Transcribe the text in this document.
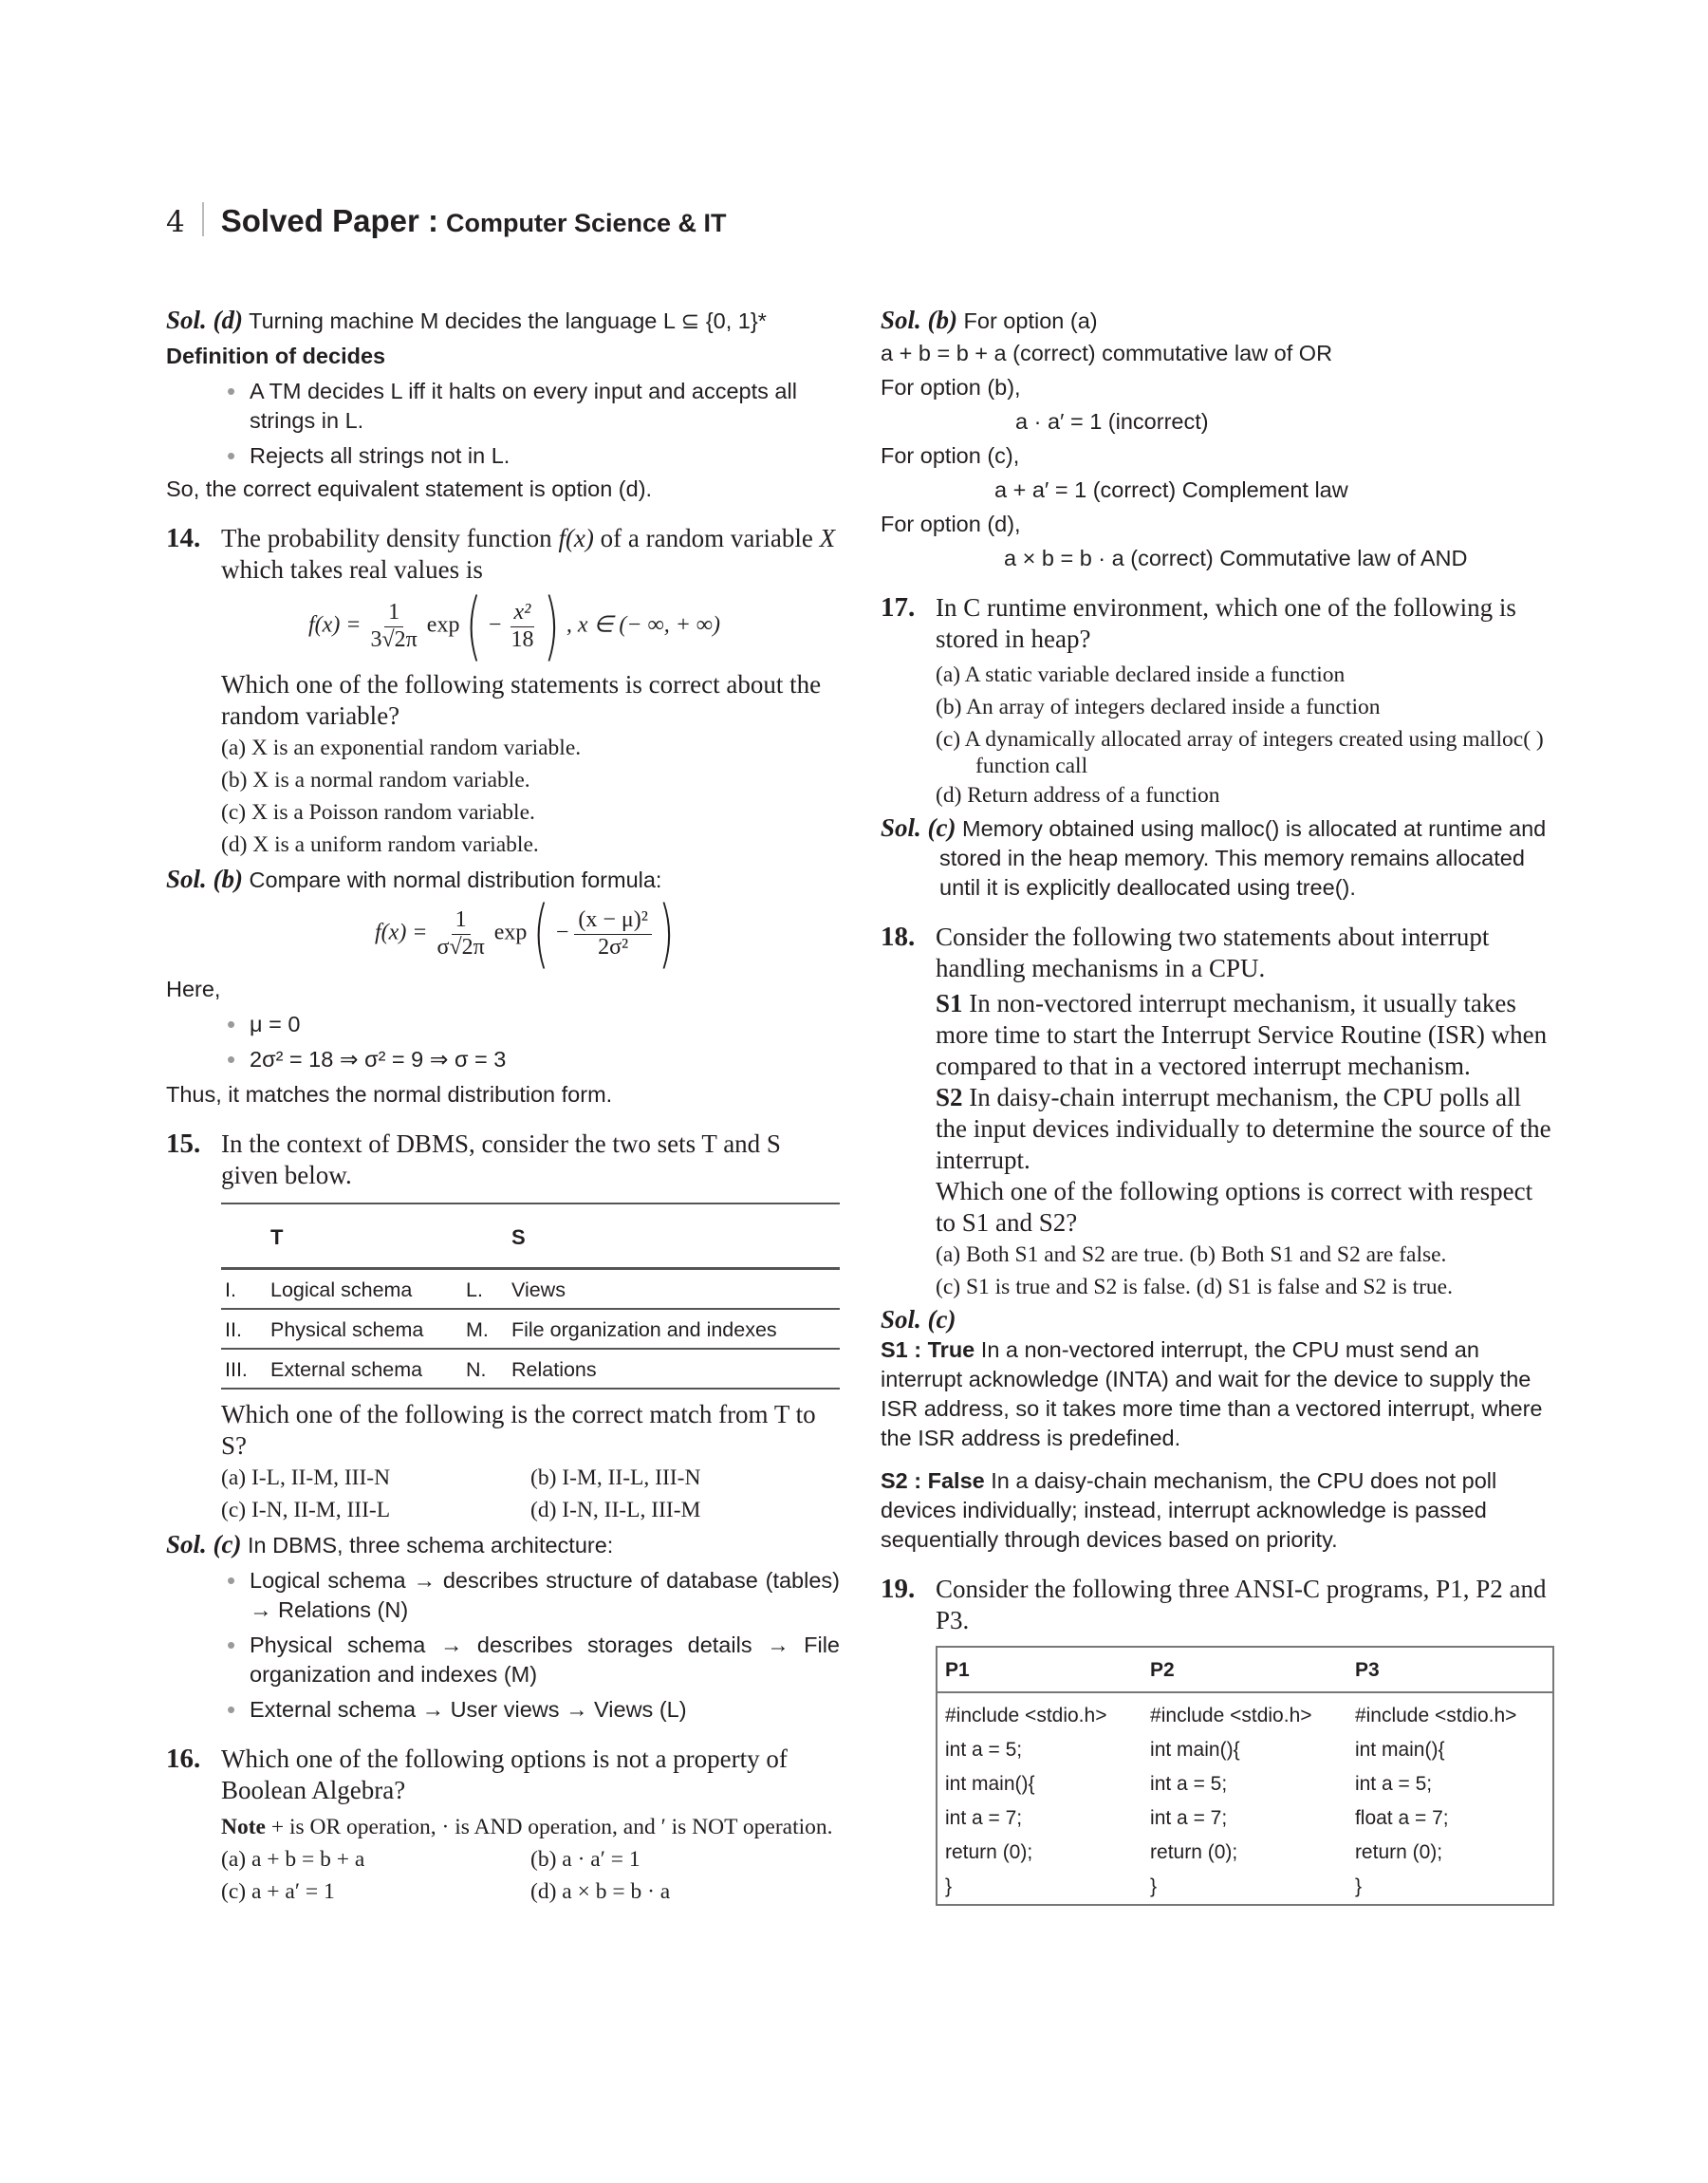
4 Solved Paper : Computer Science & IT

Sol. (d) Turning machine M decides the language L ⊆ {0, 1}*

Definition of decides

• A TM decides L iff it halts on every input and accepts all strings in L.

• Rejects all strings not in L.

So, the correct equivalent statement is option (d).

14. The probability density function f(x) of a random variable X which takes real values is
$f(x) = \frac{1}{3√2\pi} \exp( - \frac{\text{x²}}{18}$ ) , x ∈ (− ∞, + ∞)
Which one of the following statements is correct about the random variable?
(a) X is an exponential random variable.
(b) X is a normal random variable.
(c) X is a Poisson random variable.
(d) X is a uniform random variable.

Sol. (b) Compare with normal distribution formula:

$f(x) = \frac{1}{\sigma√2\pi} \exp( - \frac{\text{(x − μ)²}}{\text{2σ²}}$ )

Here,

• μ = 0

• 2σ² = 18 ⇒ σ² = 9 ⇒ σ = 3

Thus, it matches the normal distribution form.

15. In the context of DBMS, consider the two sets T and S given below.
	T		S
I.	Logical schema	L.	Views
II.	Physical schema	M.	File organization and indexes
III.	External schema	N.	Relations
Which one of the following is the correct match from T to S?
(a) I-L, II-M, III-N	(b) I-M, II-L, III-N
(c) I-N, II-M, III-L	(d) I-N, II-L, III-M

Sol. (c) In DBMS, three schema architecture:

• Logical schema → describes structure of database (tables) → Relations (N)

• Physical schema → describes storages details → File organization and indexes (M)

• External schema → User views → Views (L)

16. Which one of the following options is not a property of Boolean Algebra?
Note + is OR operation, · is AND operation, and ′ is NOT operation.
(a) a + b = b + a	(b) a · a′ = 1
(c) a + a′ = 1	(d) a × b = b · a

Sol. (b) For option (a)

a + b = b + a (correct) commutative law of OR

For option (b),

a · a′ = 1 (incorrect)

For option (c),

a + a′ = 1 (correct) Complement law

For option (d),

a × b = b · a (correct) Commutative law of AND

17. In C runtime environment, which one of the following is stored in heap?
(a) A static variable declared inside a function
(b) An array of integers declared inside a function
(c) A dynamically allocated array of integers created using malloc( ) function call
(d) Return address of a function

Sol. (c) Memory obtained using malloc() is allocated at runtime and stored in the heap memory. This memory remains allocated until it is explicitly deallocated using tree().

18. Consider the following two statements about interrupt handling mechanisms in a CPU.
S1 In non-vectored interrupt mechanism, it usually takes more time to start the Interrupt Service Routine (ISR) when compared to that in a vectored interrupt mechanism.
S2 In daisy-chain interrupt mechanism, the CPU polls all the input devices individually to determine the source of the interrupt.
Which one of the following options is correct with respect to S1 and S2?
(a) Both S1 and S2 are true. (b) Both S1 and S2 are false.
(c) S1 is true and S2 is false. (d) S1 is false and S2 is true.

Sol. (c)

S1 : True In a non-vectored interrupt, the CPU must send an interrupt acknowledge (INTA) and wait for the device to supply the ISR address, so it takes more time than a vectored interrupt, where the ISR address is predefined.

S2 : False In a daisy-chain mechanism, the CPU does not poll devices individually; instead, interrupt acknowledge is passed sequentially through devices based on priority.

19. Consider the following three ANSI-C programs, P1, P2 and P3.
P1	P2	P3
#include <stdio.h>	#include <stdio.h>	#include <stdio.h>
int a = 5;	int main(){	int main(){
int main(){	int a = 5;	int a = 5;
int a = 7;	int a = 7;	float a = 7;
return (0);	return (0);	return (0);
}	}	}
